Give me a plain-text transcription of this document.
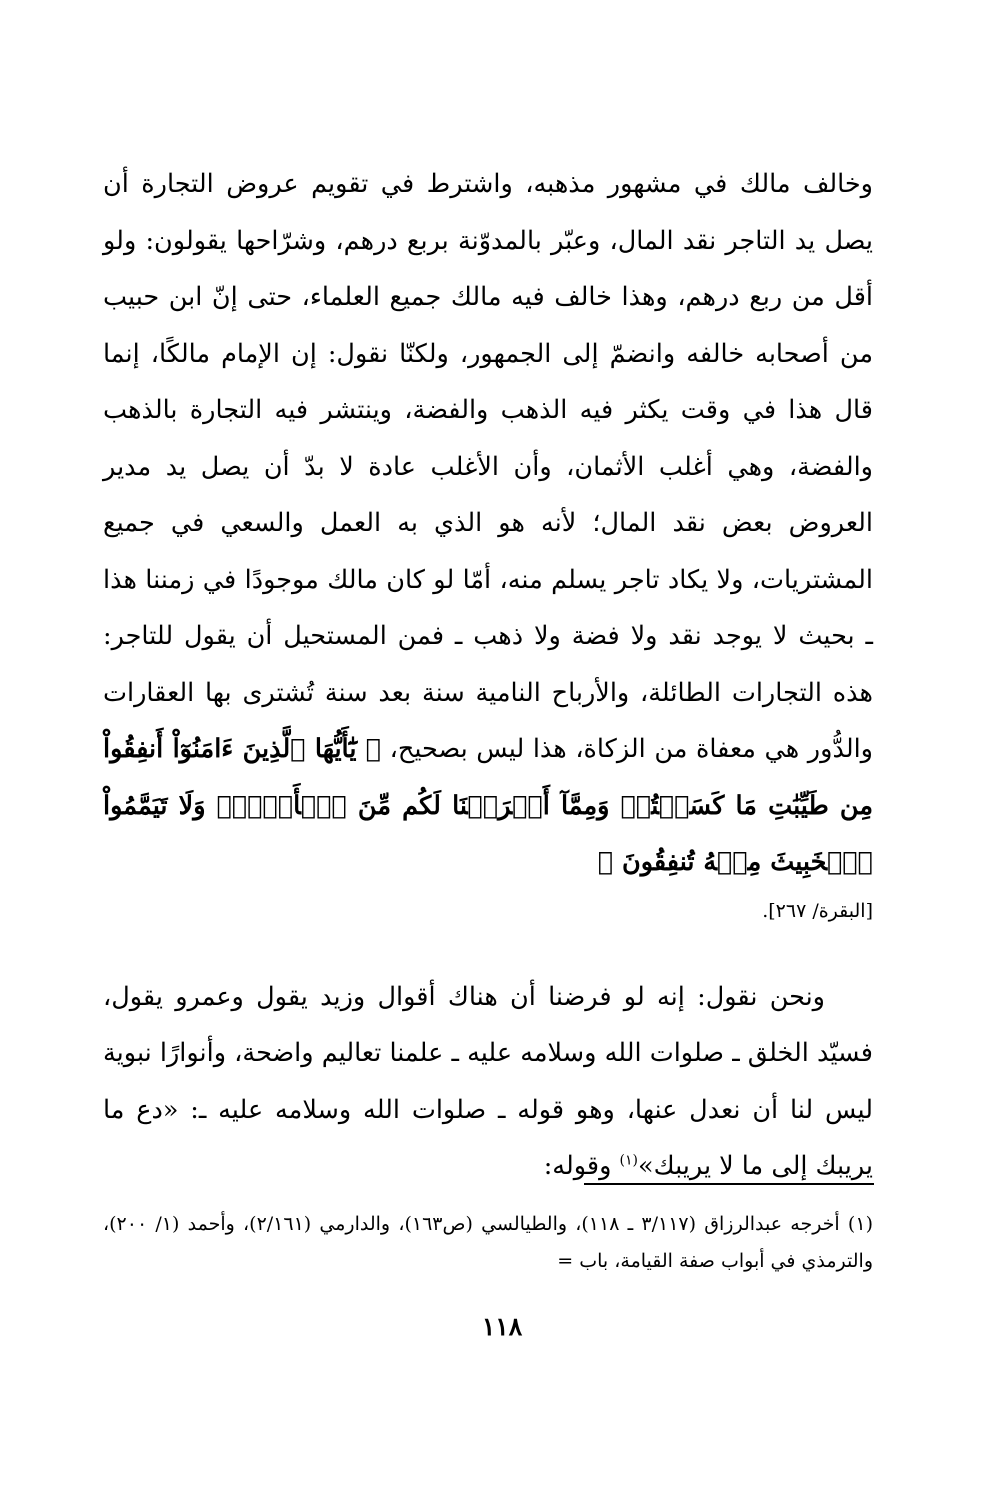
وخالف مالك في مشهور مذهبه، واشترط في تقويم عروض التجارة أن يصل يد التاجر نقد المال، وعبّر بالمدوّنة بربع درهم، وشرّاحها يقولون: ولو أقل من ربع درهم، وهذا خالف فيه مالك جميع العلماء، حتى إنّ ابن حبيب من أصحابه خالفه وانضمّ إلى الجمهور، ولكنّا نقول: إن الإمام مالكًا، إنما قال هذا في وقت يكثر فيه الذهب والفضة، وينتشر فيه التجارة بالذهب والفضة، وهي أغلب الأثمان، وأن الأغلب عادة لا بدّ أن يصل يد مدير العروض بعض نقد المال؛ لأنه هو الذي به العمل والسعي في جميع المشتريات، ولا يكاد تاجر يسلم منه، أمّا لو كان مالك موجودًا في زمننا هذا ـ بحيث لا يوجد نقد ولا فضة ولا ذهب ـ فمن المستحيل أن يقول للتاجر: هذه التجارات الطائلة، والأرباح النامية سنة بعد سنة تُشترى بها العقارات والدُّور هي معفاة من الزكاة، هذا ليس بصحيح، ﴿ يَٰٓأَيُّهَا ٱلَّذِينَ ءَامَنُوٓاْ أَنفِقُواْ مِن طَيِّبَٰتِ مَا كَسَبۡتُمۡ وَمِمَّآ أَخۡرَجۡنَا لَكُم مِّنَ ٱلۡأَرۡضِۖ وَلَا تَيَمَّمُواْ ٱلۡخَبِيثَ مِنۡهُ تُنفِقُونَ ﴾

[البقرة/ ٢٦٧].

ونحن نقول: إنه لو فرضنا أن هناك أقوال وزيد يقول وعمرو يقول، فسيّد الخلق ـ صلوات الله وسلامه عليه ـ علمنا تعاليم واضحة، وأنوارًا نبوية ليس لنا أن نعدل عنها، وهو قوله ـ صلوات الله وسلامه عليه ـ: «دع ما يريبك إلى ما لا يريبك»$^{(١)}$ وقوله:

(١) أخرجه عبدالرزاق (٣/١١٧ ـ ١١٨)، والطيالسي (ص١٦٣)، والدارمي (٢/١٦١)، وأحمد (١/ ٢٠٠)، والترمذي في أبواب صفة القيامة، باب =

١١٨
